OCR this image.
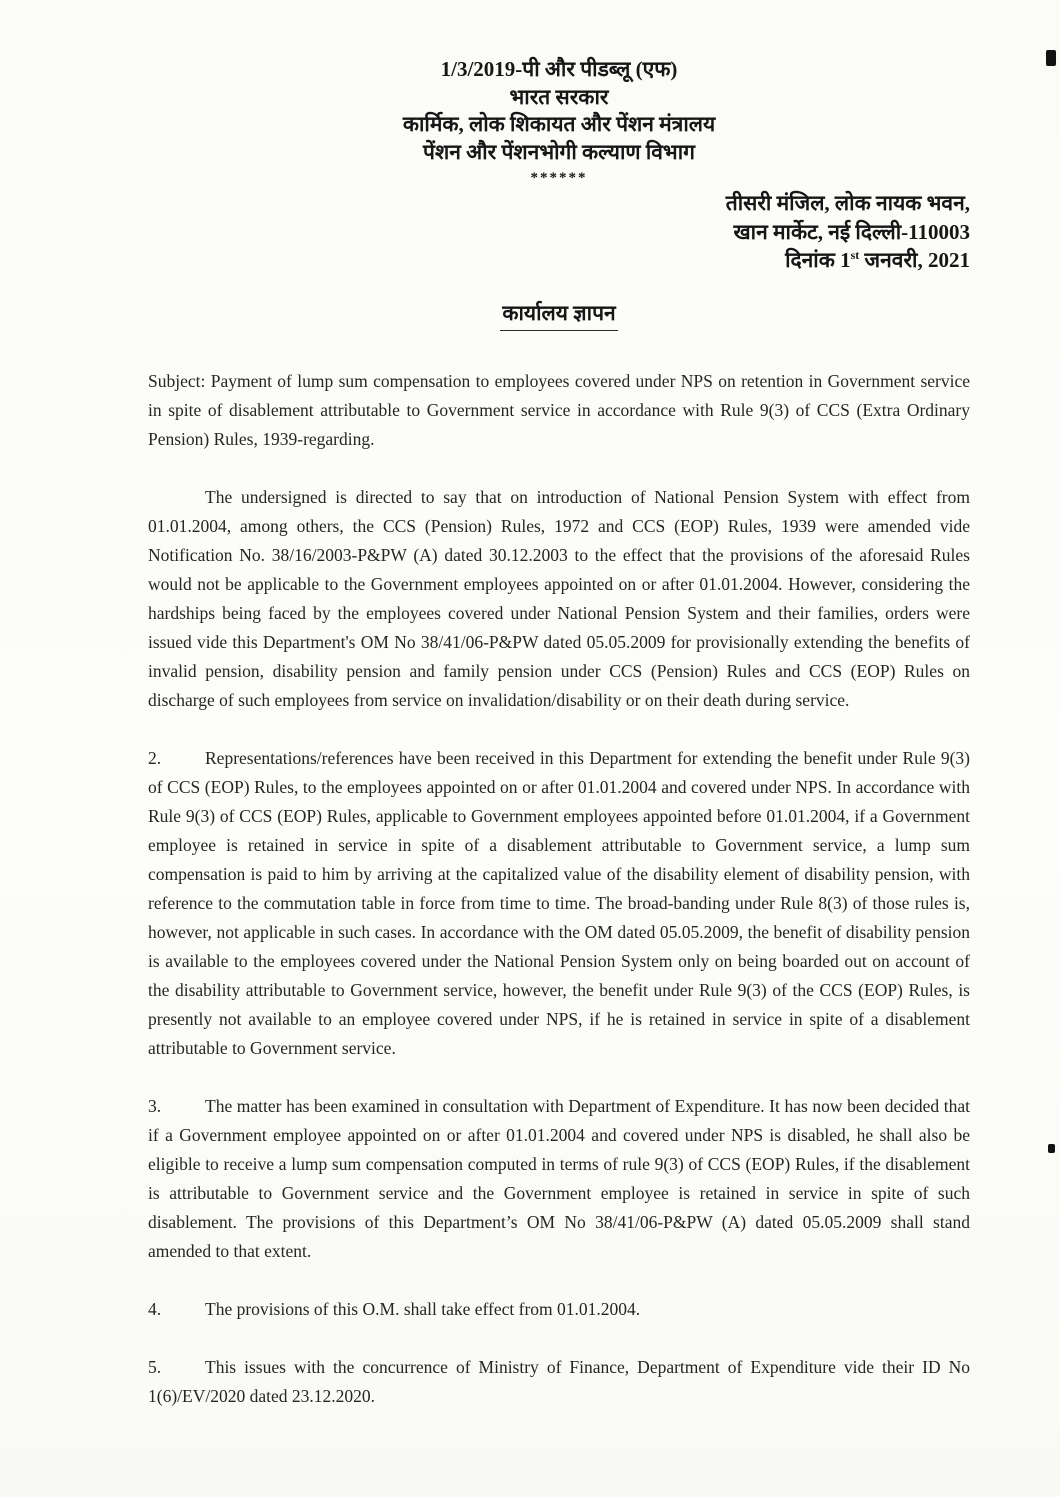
1/3/2019-पी और पीडब्लू (एफ)
भारत सरकार
कार्मिक, लोक शिकायत और पेंशन मंत्रालय
पेंशन और पेंशनभोगी कल्याण विभाग
******
तीसरी मंजिल, लोक नायक भवन,
खान मार्केट, नई दिल्ली-110003
दिनांक 1st जनवरी, 2021
कार्यालय ज्ञापन

Subject: Payment of lump sum compensation to employees covered under NPS on retention in Government service in spite of disablement attributable to Government service in accordance with Rule 9(3) of CCS (Extra Ordinary Pension) Rules, 1939-regarding.

The undersigned is directed to say that on introduction of National Pension System with effect from 01.01.2004, among others, the CCS (Pension) Rules, 1972 and CCS (EOP) Rules, 1939 were amended vide Notification No. 38/16/2003-P&PW (A) dated 30.12.2003 to the effect that the provisions of the aforesaid Rules would not be applicable to the Government employees appointed on or after 01.01.2004. However, considering the hardships being faced by the employees covered under National Pension System and their families, orders were issued vide this Department's OM No 38/41/06-P&PW dated 05.05.2009 for provisionally extending the benefits of invalid pension, disability pension and family pension under CCS (Pension) Rules and CCS (EOP) Rules on discharge of such employees from service on invalidation/disability or on their death during service.

2.	Representations/references have been received in this Department for extending the benefit under Rule 9(3) of CCS (EOP) Rules, to the employees appointed on or after 01.01.2004 and covered under NPS. In accordance with Rule 9(3) of CCS (EOP) Rules, applicable to Government employees appointed before 01.01.2004, if a Government employee is retained in service in spite of a disablement attributable to Government service, a lump sum compensation is paid to him by arriving at the capitalized value of the disability element of disability pension, with reference to the commutation table in force from time to time. The broad-banding under Rule 8(3) of those rules is, however, not applicable in such cases. In accordance with the OM dated 05.05.2009, the benefit of disability pension is available to the employees covered under the National Pension System only on being boarded out on account of the disability attributable to Government service, however, the benefit under Rule 9(3) of the CCS (EOP) Rules, is presently not available to an employee covered under NPS, if he is retained in service in spite of a disablement attributable to Government service.

3.	The matter has been examined in consultation with Department of Expenditure. It has now been decided that if a Government employee appointed on or after 01.01.2004 and covered under NPS is disabled, he shall also be eligible to receive a lump sum compensation computed in terms of rule 9(3) of CCS (EOP) Rules, if the disablement is attributable to Government service and the Government employee is retained in service in spite of such disablement. The provisions of this Department’s OM No 38/41/06-P&PW (A) dated 05.05.2009 shall stand amended to that extent.

4.	The provisions of this O.M. shall take effect from 01.01.2004.

5.	This issues with the concurrence of Ministry of Finance, Department of Expenditure vide their ID No 1(6)/EV/2020 dated 23.12.2020.
